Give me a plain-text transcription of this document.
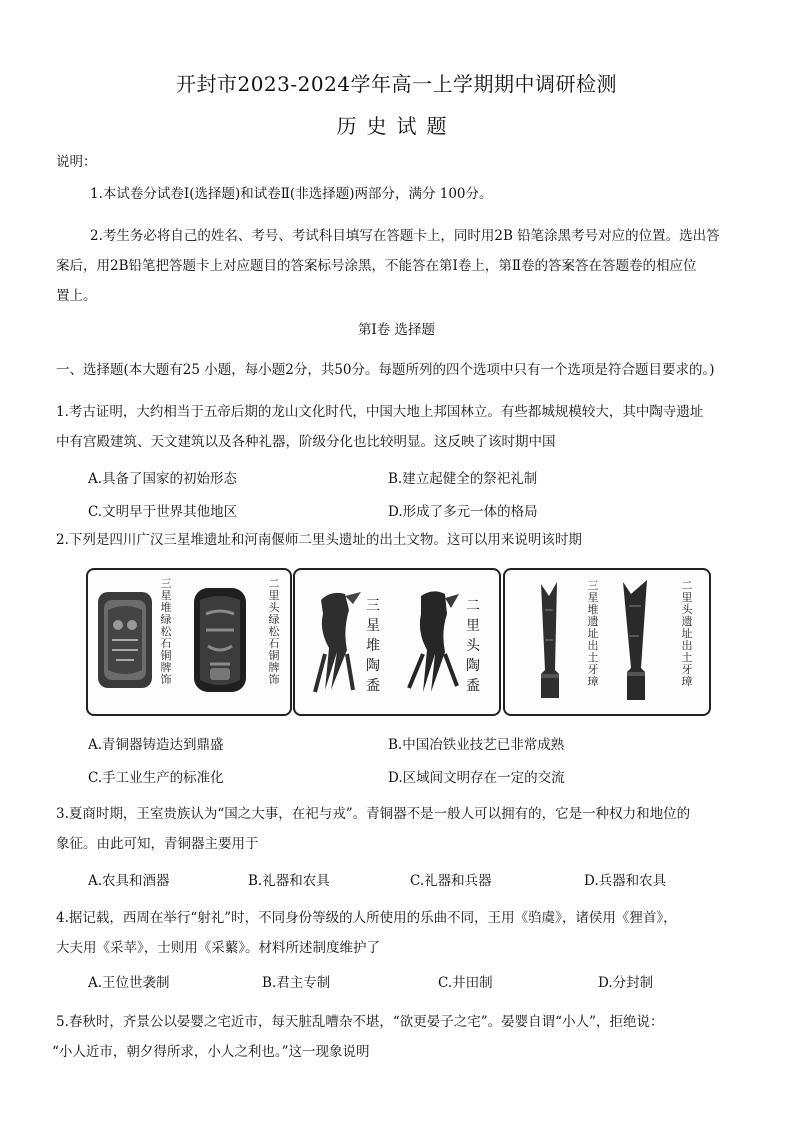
开封市2023-2024学年高一上学期期中调研检测
历史试题
说明：
1.本试卷分试卷Ⅰ(选择题)和试卷Ⅱ(非选择题)两部分，满分 100分。
2.考生务必将自己的姓名、考号、考试科目填写在答题卡上，同时用2B 铅笔涂黑考号对应的位置。选出答
案后，用2B铅笔把答题卡上对应题目的答案标号涂黑，不能答在第Ⅰ卷上，第Ⅱ卷的答案答在答题卷的相应位
置上。
第Ⅰ卷 选择题
一、选择题(本大题有25 小题，每小题2分，共50分。每题所列的四个选项中只有一个选项是符合题目要求的。)
1.考古证明，大约相当于五帝后期的龙山文化时代，中国大地上邦国林立。有些都城规模较大，其中陶寺遗址
中有宫殿建筑、天文建筑以及各种礼器，阶级分化也比较明显。这反映了该时期中国
A.具备了国家的初始形态	B.建立起健全的祭祀礼制
C.文明早于世界其他地区	D.形成了多元一体的格局
2.下列是四川广汉三星堆遗址和河南偃师二里头遗址的出土文物。这可以用来说明该时期
三星堆绿松石铜牌饰
二里头绿松石铜牌饰
三星堆陶盉
二里头陶盉
三星堆遗址出土牙璋
二里头遗址出土牙璋
A.青铜器铸造达到鼎盛	B.中国冶铁业技艺已非常成熟
C.手工业生产的标准化	D.区域间文明存在一定的交流
3.夏商时期，王室贵族认为“国之大事，在祀与戎”。青铜器不是一般人可以拥有的，它是一种权力和地位的
象征。由此可知，青铜器主要用于
A.农具和酒器	B.礼器和农具	C.礼器和兵器	D.兵器和农具
4.据记载，西周在举行“射礼”时，不同身份等级的人所使用的乐曲不同，王用《驺虞》，诸侯用《狸首》，
大夫用《采苹》，士则用《采蘩》。材料所述制度维护了
A.王位世袭制	B.君主专制	C.井田制	D.分封制
5.春秋时，齐景公以晏婴之宅近市，每天脏乱嘈杂不堪，“欲更晏子之宅”。晏婴自谓“小人”，拒绝说：
“小人近市，朝夕得所求，小人之利也。”这一现象说明
